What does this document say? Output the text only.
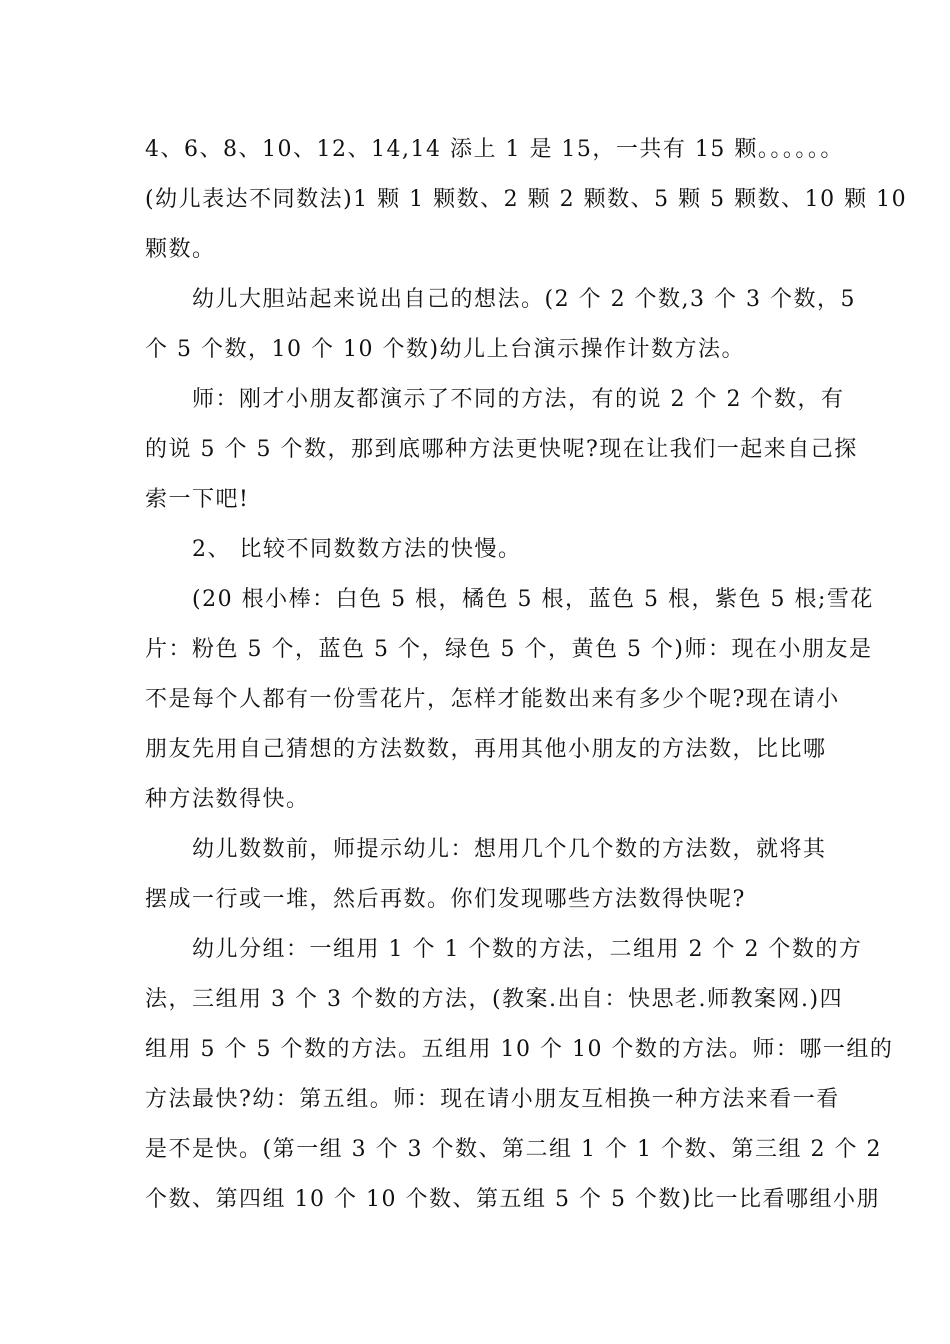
4、6、8、10、12、14,14 添上 1 是 15，一共有 15 颗。。。。。。
(幼儿表达不同数法)1 颗 1 颗数、2 颗 2 颗数、5 颗 5 颗数、10 颗 10
颗数。
幼儿大胆站起来说出自己的想法。(2 个 2 个数,3 个 3 个数，5
个 5 个数，10 个 10 个数)幼儿上台演示操作计数方法。
师：刚才小朋友都演示了不同的方法，有的说 2 个 2 个数，有
的说 5 个 5 个数，那到底哪种方法更快呢?现在让我们一起来自己探
索一下吧!
2、 比较不同数数方法的快慢。
(20 根小棒：白色 5 根，橘色 5 根，蓝色 5 根，紫色 5 根;雪花
片：粉色 5 个，蓝色 5 个，绿色 5 个，黄色 5 个)师：现在小朋友是
不是每个人都有一份雪花片，怎样才能数出来有多少个呢?现在请小
朋友先用自己猜想的方法数数，再用其他小朋友的方法数，比比哪
种方法数得快。
幼儿数数前，师提示幼儿：想用几个几个数的方法数，就将其
摆成一行或一堆，然后再数。你们发现哪些方法数得快呢?
幼儿分组：一组用 1 个 1 个数的方法，二组用 2 个 2 个数的方
法，三组用 3 个 3 个数的方法，(教案.出自：快思老.师教案网.)四
组用 5 个 5 个数的方法。五组用 10 个 10 个数的方法。师：哪一组的
方法最快?幼：第五组。师：现在请小朋友互相换一种方法来看一看
是不是快。(第一组 3 个 3 个数、第二组 1 个 1 个数、第三组 2 个 2
个数、第四组 10 个 10 个数、第五组 5 个 5 个数)比一比看哪组小朋
